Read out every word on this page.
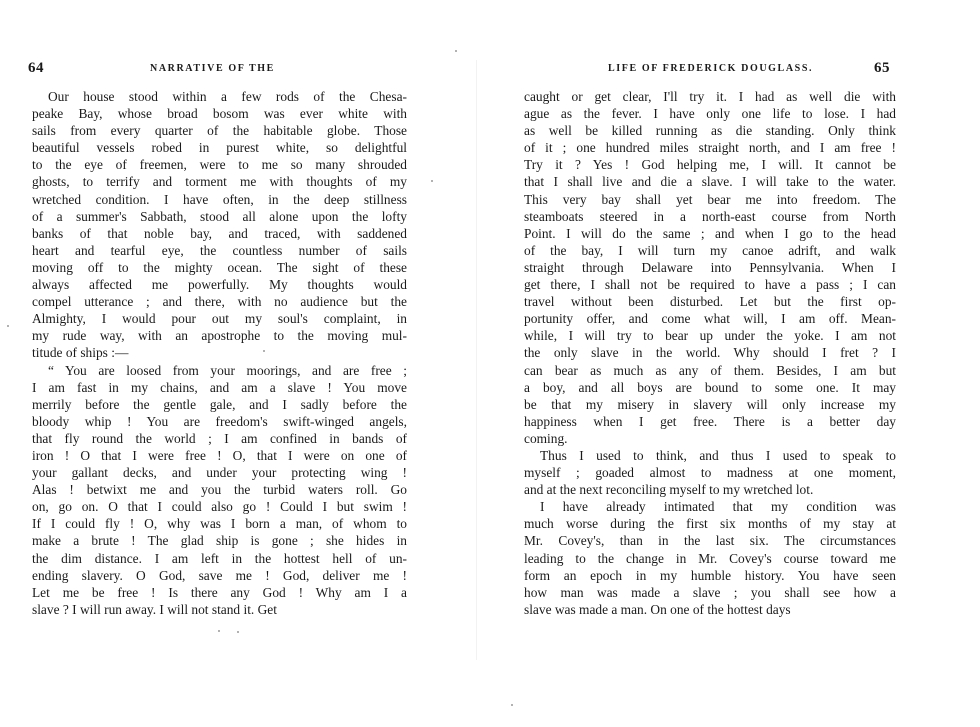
64	NARRATIVE OF THE
Our house stood within a few rods of the Chesa-
peake Bay, whose broad bosom was ever white with
sails from every quarter of the habitable globe. Those
beautiful vessels robed in purest white, so delightful
to the eye of freemen, were to me so many shrouded
ghosts, to terrify and torment me with thoughts of my
wretched condition. I have often, in the deep stillness
of a summer's Sabbath, stood all alone upon the lofty
banks of that noble bay, and traced, with saddened
heart and tearful eye, the countless number of sails
moving off to the mighty ocean. The sight of these
always affected me powerfully. My thoughts would
compel utterance ; and there, with no audience but the
Almighty, I would pour out my soul's complaint, in
my rude way, with an apostrophe to the moving mul-
titude of ships :—
“ You are loosed from your moorings, and are free ;
I am fast in my chains, and am a slave ! You move
merrily before the gentle gale, and I sadly before the
bloody whip ! You are freedom's swift-winged angels,
that fly round the world ; I am confined in bands of
iron ! O that I were free ! O, that I were on one of
your gallant decks, and under your protecting wing !
Alas ! betwixt me and you the turbid waters roll. Go
on, go on. O that I could also go ! Could I but swim !
If I could fly ! O, why was I born a man, of whom to
make a brute ! The glad ship is gone ; she hides in
the dim distance. I am left in the hottest hell of un-
ending slavery. O God, save me ! God, deliver me !
Let me be free ! Is there any God ! Why am I a
slave ? I will run away. I will not stand it. Get
LIFE OF FREDERICK DOUGLASS.	65
caught or get clear, I'll try it. I had as well die with
ague as the fever. I have only one life to lose. I had
as well be killed running as die standing. Only think
of it ; one hundred miles straight north, and I am free !
Try it ? Yes ! God helping me, I will. It cannot be
that I shall live and die a slave. I will take to the water.
This very bay shall yet bear me into freedom. The
steamboats steered in a north-east course from North
Point. I will do the same ; and when I go to the head
of the bay, I will turn my canoe adrift, and walk
straight through Delaware into Pennsylvania. When I
get there, I shall not be required to have a pass ; I can
travel without been disturbed. Let but the first op-
portunity offer, and come what will, I am off. Mean-
while, I will try to bear up under the yoke. I am not
the only slave in the world. Why should I fret ? I
can bear as much as any of them. Besides, I am but
a boy, and all boys are bound to some one. It may
be that my misery in slavery will only increase my
happiness when I get free. There is a better day
coming.
Thus I used to think, and thus I used to speak to
myself ; goaded almost to madness at one moment,
and at the next reconciling myself to my wretched lot.
I have already intimated that my condition was
much worse during the first six months of my stay at
Mr. Covey's, than in the last six. The circumstances
leading to the change in Mr. Covey's course toward me
form an epoch in my humble history. You have seen
how man was made a slave ; you shall see how a
slave was made a man. On one of the hottest days
